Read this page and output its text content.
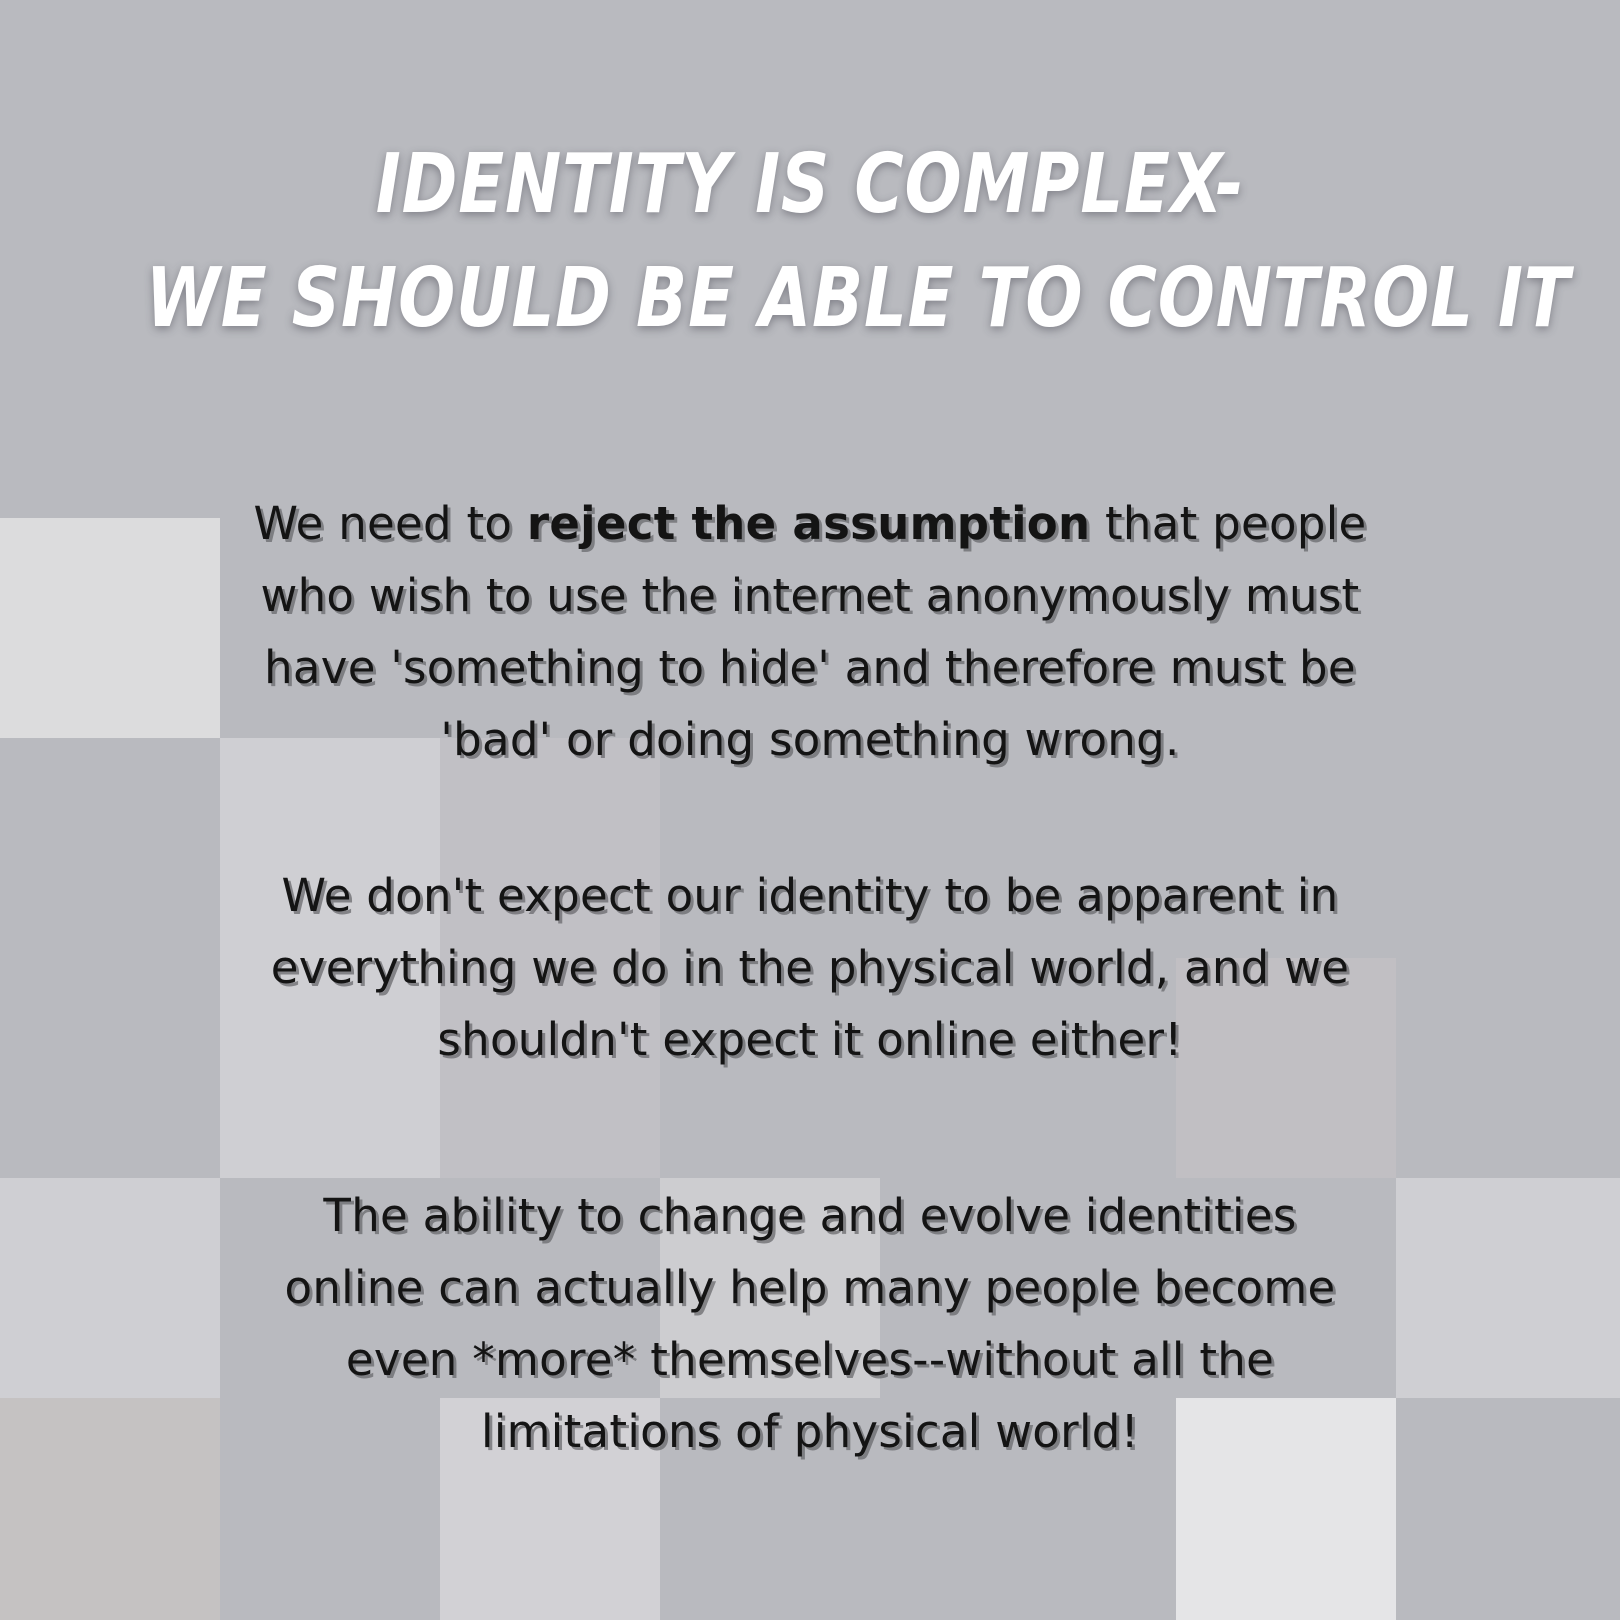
IDENTITY IS COMPLEX-
WE SHOULD BE ABLE TO CONTROL IT
We need to reject the assumption that people
who wish to use the internet anonymously must
have 'something to hide' and therefore must be
'bad' or doing something wrong.
We don't expect our identity to be apparent in
everything we do in the physical world, and we
shouldn't expect it online either!
The ability to change and evolve identities
online can actually help many people become
even *more* themselves--without all the
limitations of physical world!
